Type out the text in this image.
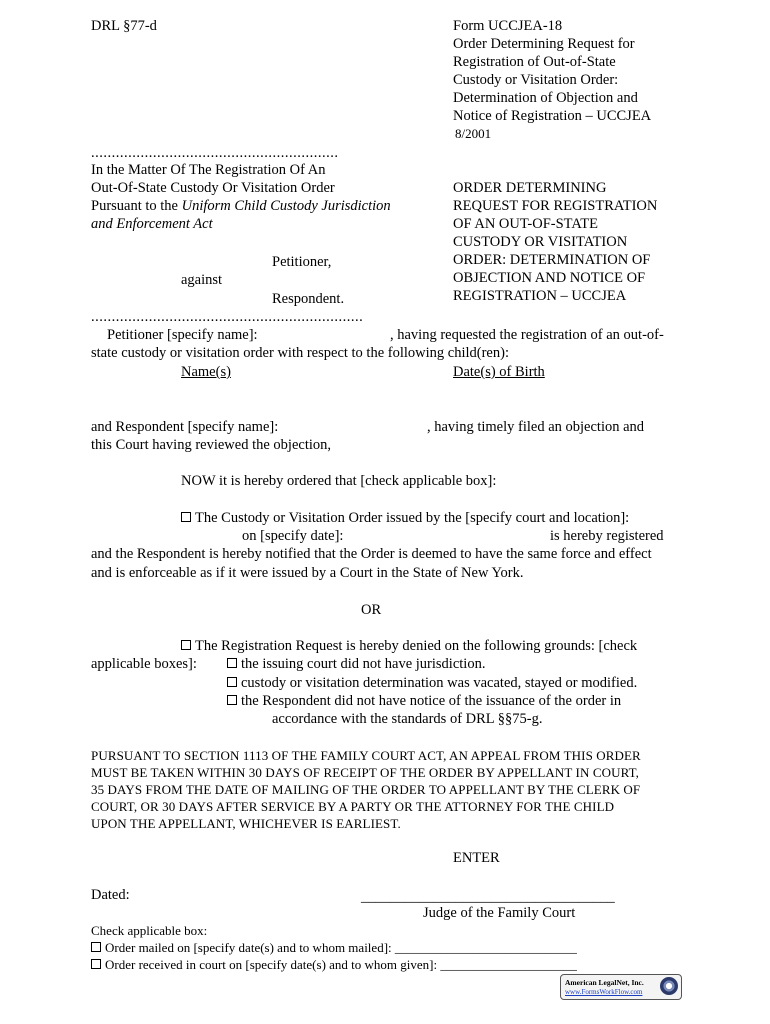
DRL §77-d	Form UCCJEA-18
Order Determining Request for
Registration of Out-of-State
Custody or Visitation Order:
Determination of Objection and
Notice of Registration – UCCJEA
8/2001
............................................................
In the Matter Of The Registration Of An
Out-Of-State Custody Or Visitation Order
Pursuant to the Uniform Child Custody Jurisdiction
and Enforcement Act
Petitioner,
against
Respondent.
..................................................................
ORDER DETERMINING
REQUEST FOR REGISTRATION
OF AN OUT-OF-STATE
CUSTODY OR VISITATION
ORDER: DETERMINATION OF
OBJECTION AND NOTICE OF
REGISTRATION – UCCJEA
Petitioner [specify name]:	, having requested the registration of an out-of-
state custody or visitation order with respect to the following child(ren):
Name(s)	Date(s) of Birth
and Respondent [specify name]:	, having timely filed an objection and
this Court having reviewed the objection,
NOW it is hereby ordered that [check applicable box]:
The Custody or Visitation Order issued by the [specify court and location]:
on [specify date]:	is hereby registered
and the Respondent is hereby notified that the Order is deemed to have the same force and effect
and is enforceable as if it were issued by a Court in the State of New York.
OR
The Registration Request is hereby denied on the following grounds: [check
applicable boxes]:	the issuing court did not have jurisdiction.
custody or visitation determination was vacated, stayed or modified.
the Respondent did not have notice of the issuance of the order in
accordance with the standards of DRL §§75-g.
PURSUANT TO SECTION 1113 OF THE FAMILY COURT ACT, AN APPEAL FROM THIS ORDER
MUST BE TAKEN WITHIN 30 DAYS OF RECEIPT OF THE ORDER BY APPELLANT IN COURT,
35 DAYS FROM THE DATE OF MAILING OF THE ORDER TO APPELLANT BY THE CLERK OF
COURT, OR 30 DAYS AFTER SERVICE BY A PARTY OR THE ATTORNEY FOR THE CHILD
UPON THE APPELLANT, WHICHEVER IS EARLIEST.
ENTER
Dated:	___________________________________
Judge of the Family Court
Check applicable box:
Order mailed on [specify date(s) and to whom mailed]: ____________________________
Order received in court on [specify date(s) and to whom given]: _____________________
American LegalNet, Inc.
www.FormsWorkFlow.com
